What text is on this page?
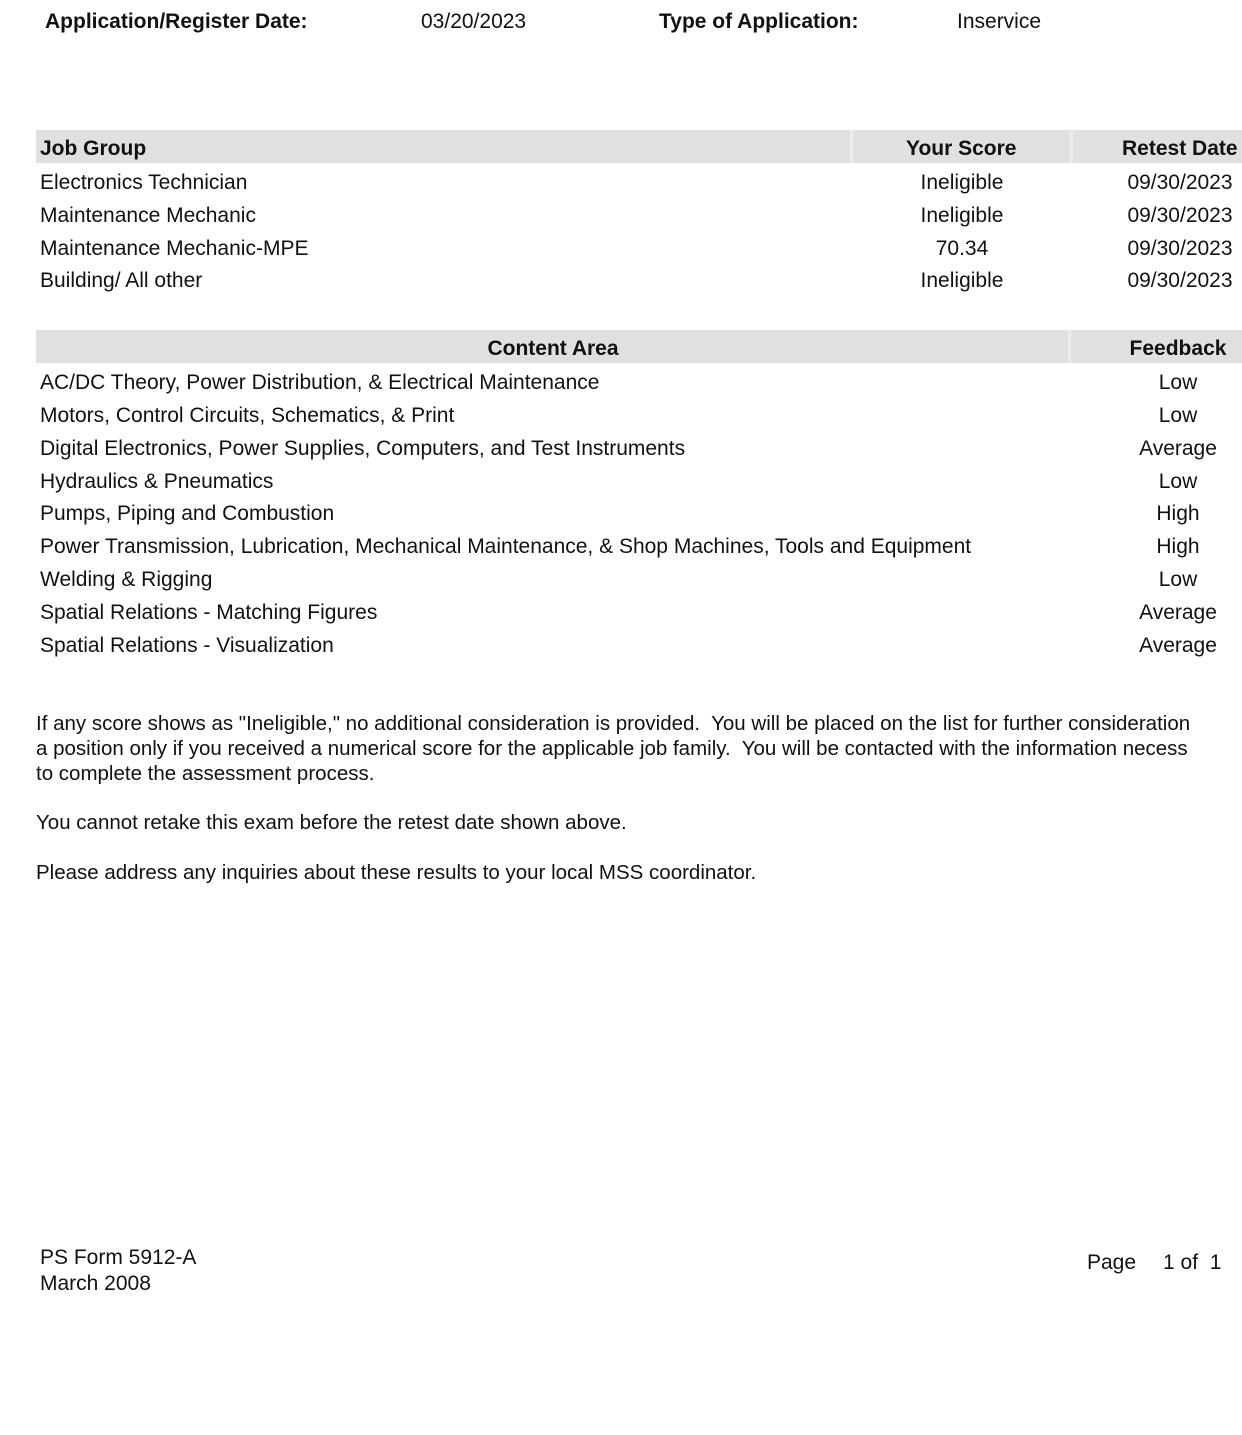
Application/Register Date:	03/20/2023	Type of Application:	Inservice
Job Group	Your Score	Retest Date
Electronics Technician	Ineligible	09/30/2023
Maintenance Mechanic	Ineligible	09/30/2023
Maintenance Mechanic-MPE	70.34	09/30/2023
Building/ All other	Ineligible	09/30/2023
Content Area	Feedback
AC/DC Theory, Power Distribution, & Electrical Maintenance	Low
Motors, Control Circuits, Schematics, & Print	Low
Digital Electronics, Power Supplies, Computers, and Test Instruments	Average
Hydraulics & Pneumatics	Low
Pumps, Piping and Combustion	High
Power Transmission, Lubrication, Mechanical Maintenance, & Shop Machines, Tools and Equipment	High
Welding & Rigging	Low
Spatial Relations - Matching Figures	Average
Spatial Relations - Visualization	Average
If any score shows as "Ineligible," no additional consideration is provided.  You will be placed on the list for further consideration
a position only if you received a numerical score for the applicable job family.  You will be contacted with the information necess
to complete the assessment process.
You cannot retake this exam before the retest date shown above.
Please address any inquiries about these results to your local MSS coordinator.
PS Form 5912-A
March 2008
Page 1 of  1
